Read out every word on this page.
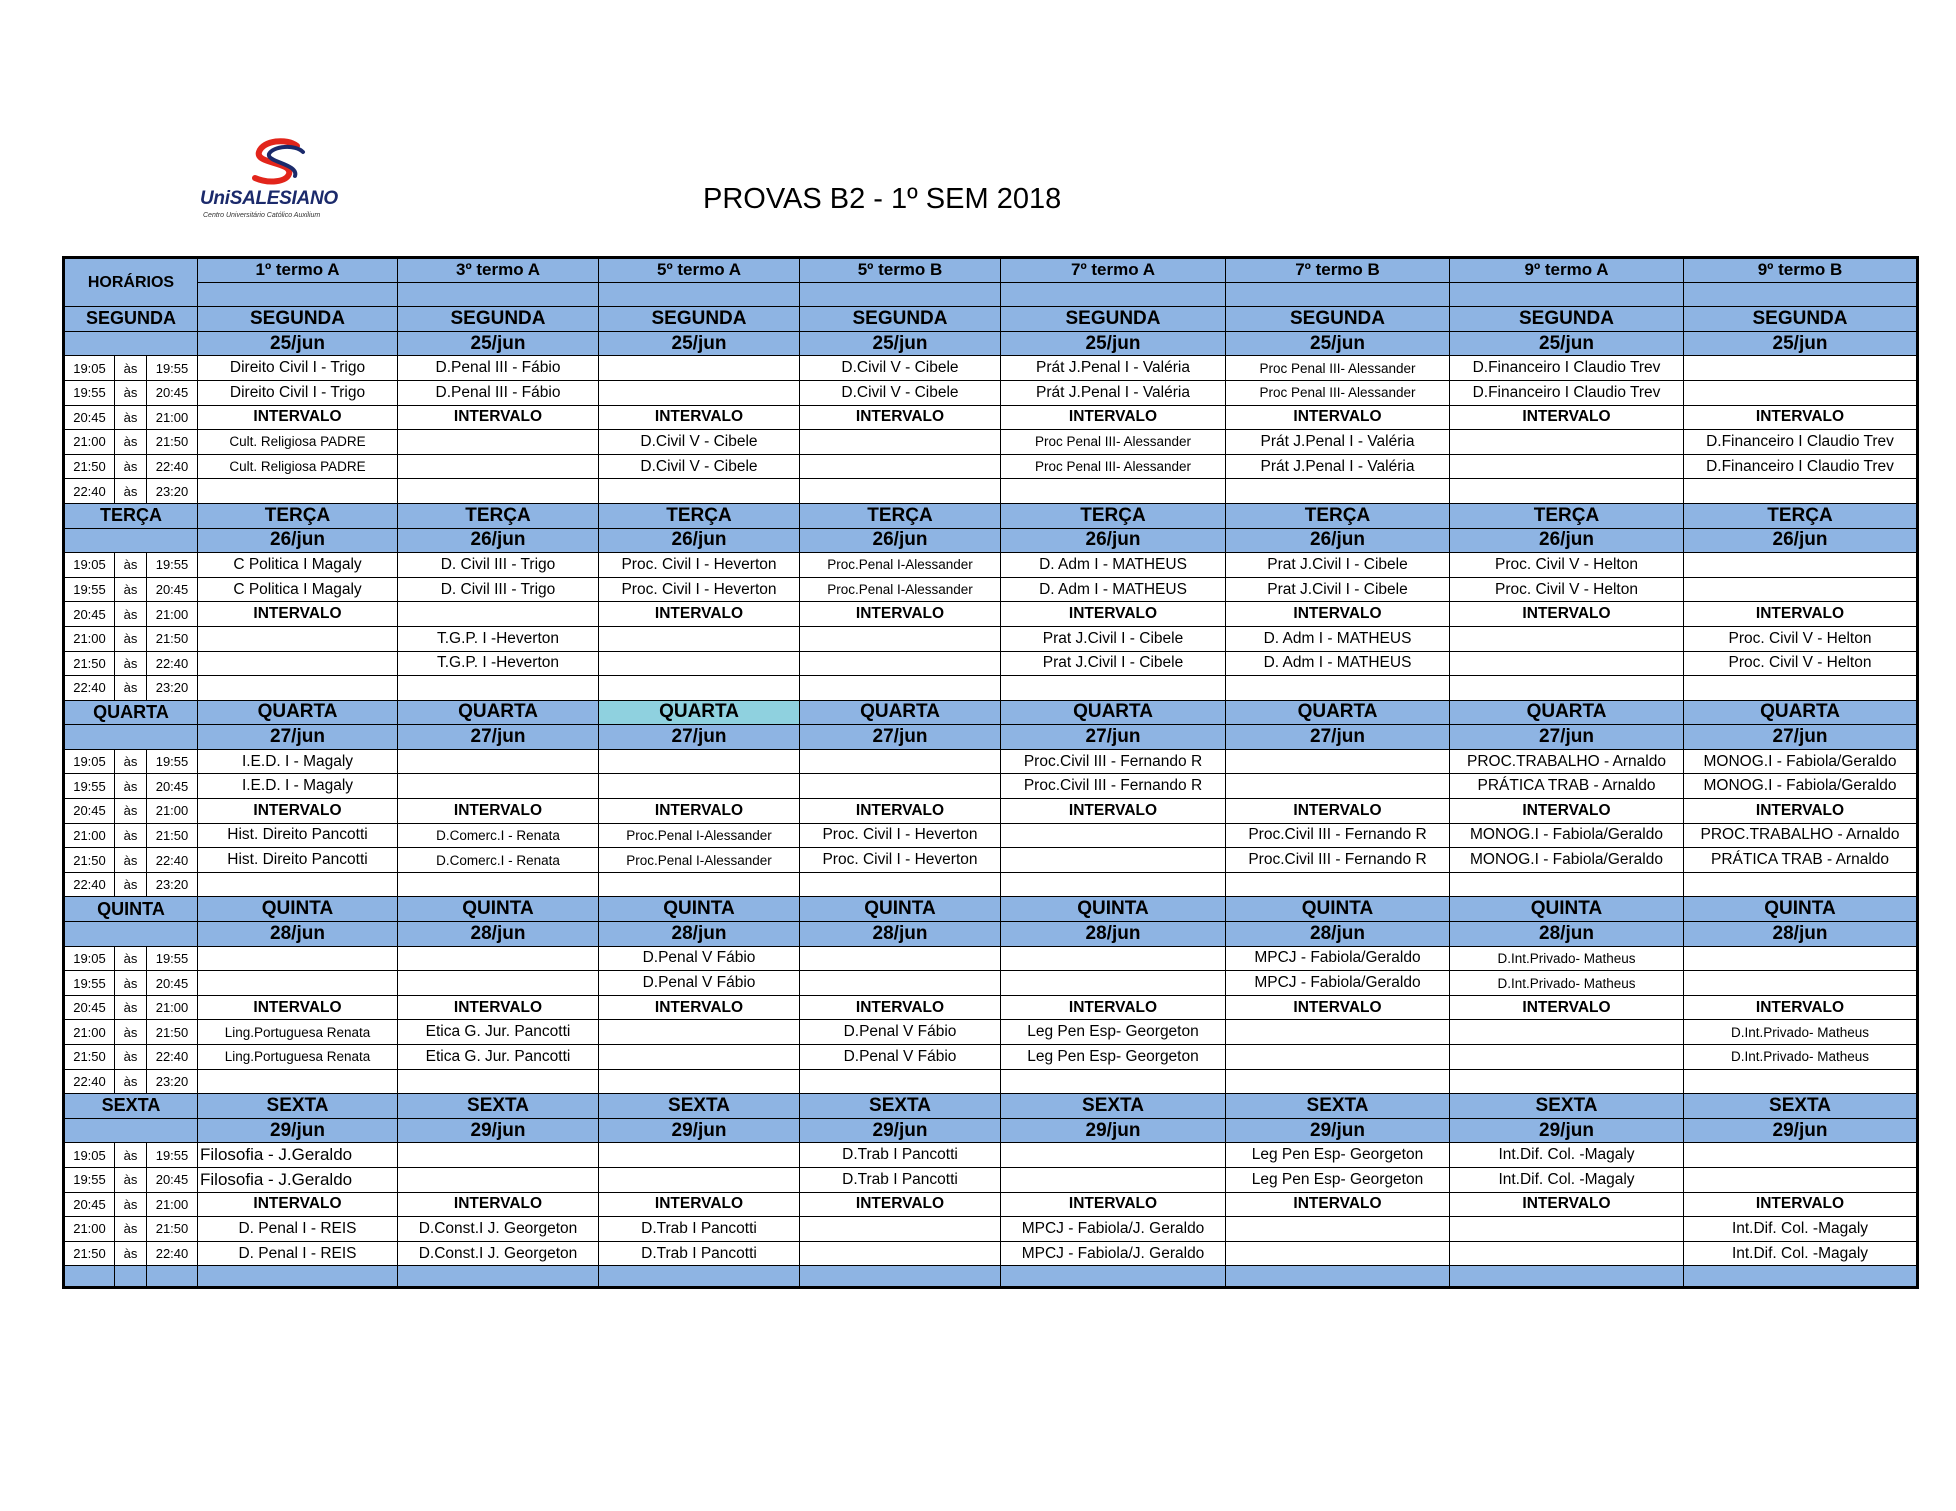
UniSALESIANO
Centro Universitário Católico Auxilium
PROVAS B2 - 1º SEM 2018
HORÁRIOS			1º termo A	3º termo A	5º termo A	5º termo B	7º termo A	7º termo B	9º termo A	9º termo B

SEGUNDA			SEGUNDA	SEGUNDA	SEGUNDA	SEGUNDA	SEGUNDA	SEGUNDA	SEGUNDA	SEGUNDA
			25/jun	25/jun	25/jun	25/jun	25/jun	25/jun	25/jun	25/jun
19:05	às	19:55	Direito Civil I - Trigo	D.Penal III - Fábio		D.Civil V - Cibele	Prát J.Penal I - Valéria	Proc Penal III- Alessander	D.Financeiro I Claudio Trev	
19:55	às	20:45	Direito Civil I - Trigo	D.Penal III - Fábio		D.Civil V - Cibele	Prát J.Penal I - Valéria	Proc Penal III- Alessander	D.Financeiro I Claudio Trev	
20:45	às	21:00	INTERVALO	INTERVALO	INTERVALO	INTERVALO	INTERVALO	INTERVALO	INTERVALO	INTERVALO
21:00	às	21:50	Cult. Religiosa PADRE		D.Civil V - Cibele		Proc Penal III- Alessander	Prát J.Penal I - Valéria		D.Financeiro I Claudio Trev
21:50	às	22:40	Cult. Religiosa PADRE		D.Civil V - Cibele		Proc Penal III- Alessander	Prát J.Penal I - Valéria		D.Financeiro I Claudio Trev
22:40	às	23:20								
TERÇA			TERÇA	TERÇA	TERÇA	TERÇA	TERÇA	TERÇA	TERÇA	TERÇA
			26/jun	26/jun	26/jun	26/jun	26/jun	26/jun	26/jun	26/jun
19:05	às	19:55	C Politica I Magaly	D. Civil III - Trigo	Proc. Civil I - Heverton	Proc.Penal I-Alessander	D. Adm I - MATHEUS	Prat J.Civil I - Cibele	Proc. Civil V - Helton	
19:55	às	20:45	C Politica I Magaly	D. Civil III - Trigo	Proc. Civil I - Heverton	Proc.Penal I-Alessander	D. Adm I - MATHEUS	Prat J.Civil I - Cibele	Proc. Civil V - Helton	
20:45	às	21:00	INTERVALO		INTERVALO	INTERVALO	INTERVALO	INTERVALO	INTERVALO	INTERVALO
21:00	às	21:50		T.G.P. I -Heverton			Prat J.Civil I - Cibele	D. Adm I - MATHEUS		Proc. Civil V - Helton
21:50	às	22:40		T.G.P. I -Heverton			Prat J.Civil I - Cibele	D. Adm I - MATHEUS		Proc. Civil V - Helton
22:40	às	23:20								
QUARTA			QUARTA	QUARTA	QUARTA	QUARTA	QUARTA	QUARTA	QUARTA	QUARTA
			27/jun	27/jun	27/jun	27/jun	27/jun	27/jun	27/jun	27/jun
19:05	às	19:55	I.E.D. I - Magaly				Proc.Civil III - Fernando R		PROC.TRABALHO - Arnaldo	MONOG.I - Fabiola/Geraldo
19:55	às	20:45	I.E.D. I - Magaly				Proc.Civil III - Fernando R		PRÁTICA TRAB - Arnaldo	MONOG.I - Fabiola/Geraldo
20:45	às	21:00	INTERVALO	INTERVALO	INTERVALO	INTERVALO	INTERVALO	INTERVALO	INTERVALO	INTERVALO
21:00	às	21:50	Hist. Direito Pancotti	D.Comerc.I - Renata	Proc.Penal I-Alessander	Proc. Civil I - Heverton		Proc.Civil III - Fernando R	MONOG.I - Fabiola/Geraldo	PROC.TRABALHO - Arnaldo
21:50	às	22:40	Hist. Direito Pancotti	D.Comerc.I - Renata	Proc.Penal I-Alessander	Proc. Civil I - Heverton		Proc.Civil III - Fernando R	MONOG.I - Fabiola/Geraldo	PRÁTICA TRAB - Arnaldo
22:40	às	23:20								
QUINTA			QUINTA	QUINTA	QUINTA	QUINTA	QUINTA	QUINTA	QUINTA	QUINTA
			28/jun	28/jun	28/jun	28/jun	28/jun	28/jun	28/jun	28/jun
19:05	às	19:55			D.Penal V Fábio			MPCJ - Fabiola/Geraldo	D.Int.Privado- Matheus	
19:55	às	20:45			D.Penal V Fábio			MPCJ - Fabiola/Geraldo	D.Int.Privado- Matheus	
20:45	às	21:00	INTERVALO	INTERVALO	INTERVALO	INTERVALO	INTERVALO	INTERVALO	INTERVALO	INTERVALO
21:00	às	21:50	Ling.Portuguesa Renata	Etica G. Jur. Pancotti		D.Penal V Fábio	Leg Pen Esp- Georgeton			D.Int.Privado- Matheus
21:50	às	22:40	Ling.Portuguesa Renata	Etica G. Jur. Pancotti		D.Penal V Fábio	Leg Pen Esp- Georgeton			D.Int.Privado- Matheus
22:40	às	23:20								
SEXTA			SEXTA	SEXTA	SEXTA	SEXTA	SEXTA	SEXTA	SEXTA	SEXTA
			29/jun	29/jun	29/jun	29/jun	29/jun	29/jun	29/jun	29/jun
19:05	às	19:55	Filosofia - J.Geraldo			D.Trab I Pancotti		Leg Pen Esp- Georgeton	Int.Dif. Col. -Magaly	
19:55	às	20:45	Filosofia - J.Geraldo			D.Trab I Pancotti		Leg Pen Esp- Georgeton	Int.Dif. Col. -Magaly	
20:45	às	21:00	INTERVALO	INTERVALO	INTERVALO	INTERVALO	INTERVALO	INTERVALO	INTERVALO	INTERVALO
21:00	às	21:50	D. Penal I - REIS	D.Const.I J. Georgeton	D.Trab I Pancotti		MPCJ - Fabiola/J. Geraldo			Int.Dif. Col. -Magaly
21:50	às	22:40	D. Penal I - REIS	D.Const.I J. Georgeton	D.Trab I Pancotti		MPCJ - Fabiola/J. Geraldo			Int.Dif. Col. -Magaly
